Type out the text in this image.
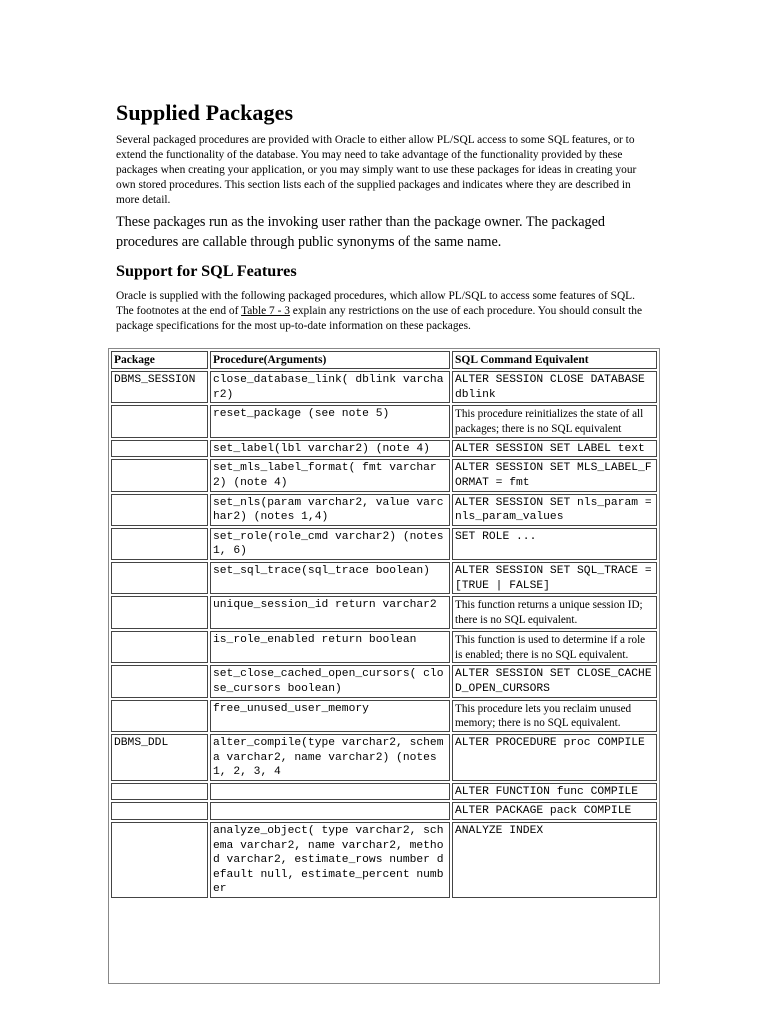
Supplied Packages

Several packaged procedures are provided with Oracle to either allow PL/SQL access to some SQL features, or to extend the functionality of the database. You may need to take advantage of the functionality provided by these packages when creating your application, or you may simply want to use these packages for ideas in creating your own stored procedures. This section lists each of the supplied packages and indicates where they are described in more detail.

These packages run as the invoking user rather than the package owner. The packaged procedures are callable through public synonyms of the same name.

Support for SQL Features

Oracle is supplied with the following packaged procedures, which allow PL/SQL to access some features of SQL. The footnotes at the end of Table 7 - 3 explain any restrictions on the use of each procedure. You should consult the package specifications for the most up-to-date information on these packages.

Package	Procedure(Arguments)	SQL Command Equivalent
DBMS_SESSION	close_database_link( dblink varchar2)	ALTER SESSION CLOSE DATABASE dblink
	reset_package (see note 5)	This procedure reinitializes the state of all packages; there is no SQL equivalent
	set_label(lbl varchar2) (note 4)	ALTER SESSION SET LABEL text
	set_mls_label_format( fmt varchar2) (note 4)	ALTER SESSION SET MLS_LABEL_FORMAT = fmt
	set_nls(param varchar2, value varchar2) (notes 1,4)	ALTER SESSION SET nls_param = nls_param_values
	set_role(role_cmd varchar2) (notes 1, 6)	SET ROLE ...
	set_sql_trace(sql_trace boolean)	ALTER SESSION SET SQL_TRACE = [TRUE | FALSE]
	unique_session_id return varchar2	This function returns a unique session ID; there is no SQL equivalent.
	is_role_enabled return boolean	This function is used to determine if a role is enabled; there is no SQL equivalent.
	set_close_cached_open_cursors( close_cursors boolean)	ALTER SESSION SET CLOSE_CACHED_OPEN_CURSORS
	free_unused_user_memory	This procedure lets you reclaim unused memory; there is no SQL equivalent.
DBMS_DDL	alter_compile(type varchar2, schema varchar2, name varchar2) (notes 1, 2, 3, 4	ALTER PROCEDURE proc COMPILE
		ALTER FUNCTION func COMPILE
		ALTER PACKAGE pack COMPILE
	analyze_object( type varchar2, schema varchar2, name varchar2, method varchar2, estimate_rows number default null, estimate_percent number	ANALYZE INDEX
